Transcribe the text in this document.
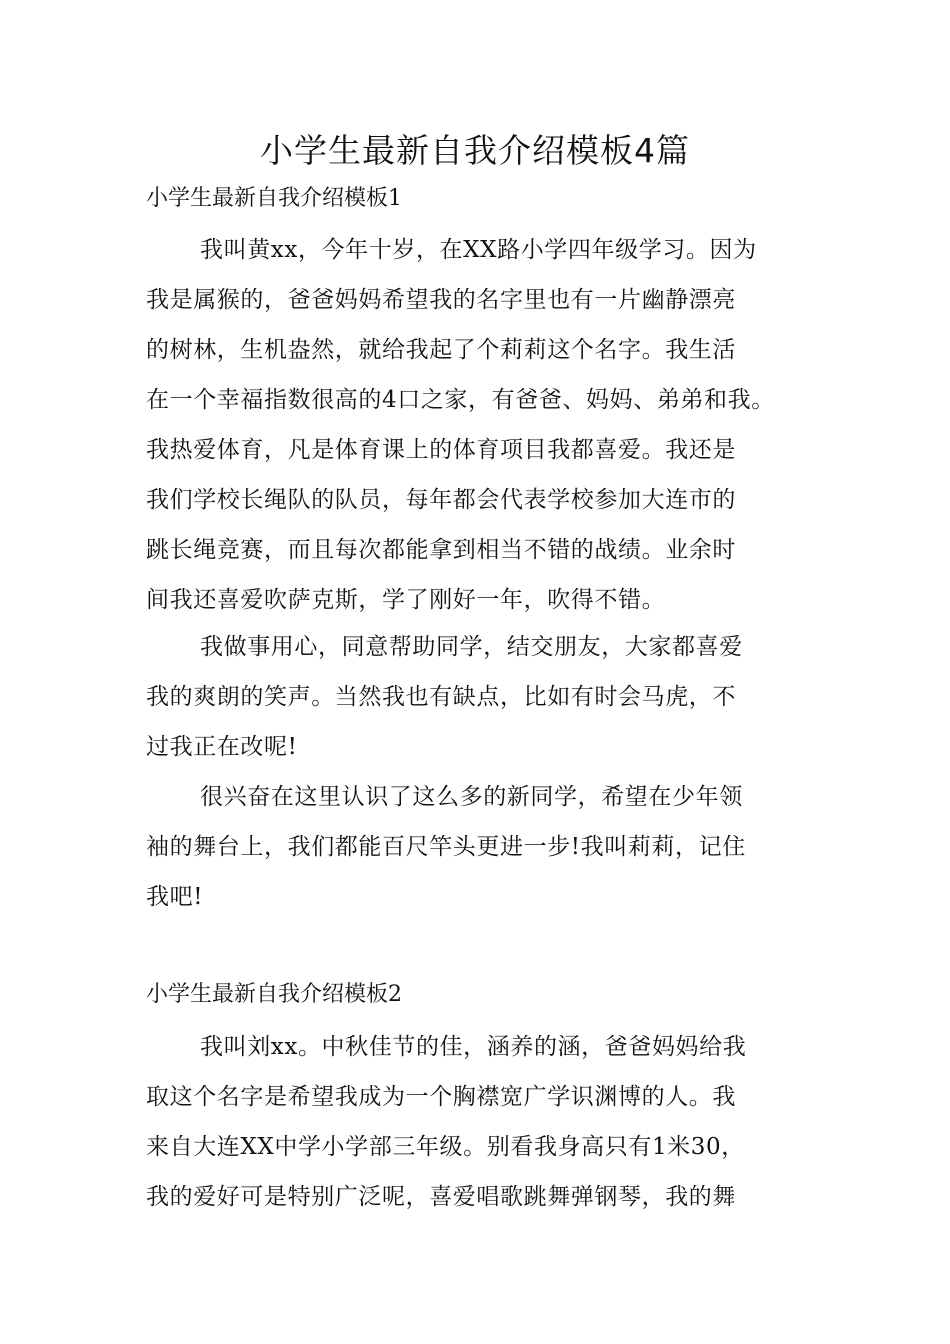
小学生最新自我介绍模板4篇
小学生最新自我介绍模板1
我叫黄xx，今年十岁，在XX路小学四年级学习。因为
我是属猴的，爸爸妈妈希望我的名字里也有一片幽静漂亮
的树林，生机盎然，就给我起了个莉莉这个名字。我生活
在一个幸福指数很高的4口之家，有爸爸、妈妈、弟弟和我。
我热爱体育，凡是体育课上的体育项目我都喜爱。我还是
我们学校长绳队的队员，每年都会代表学校参加大连市的
跳长绳竞赛，而且每次都能拿到相当不错的战绩。业余时
间我还喜爱吹萨克斯，学了刚好一年，吹得不错。
我做事用心，同意帮助同学，结交朋友，大家都喜爱
我的爽朗的笑声。当然我也有缺点，比如有时会马虎，不
过我正在改呢!
很兴奋在这里认识了这么多的新同学，希望在少年领
袖的舞台上，我们都能百尺竿头更进一步!我叫莉莉，记住
我吧!
小学生最新自我介绍模板2
我叫刘xx。中秋佳节的佳，涵养的涵，爸爸妈妈给我
取这个名字是希望我成为一个胸襟宽广学识渊博的人。我
来自大连XX中学小学部三年级。别看我身高只有1米30，
我的爱好可是特别广泛呢，喜爱唱歌跳舞弹钢琴，我的舞
